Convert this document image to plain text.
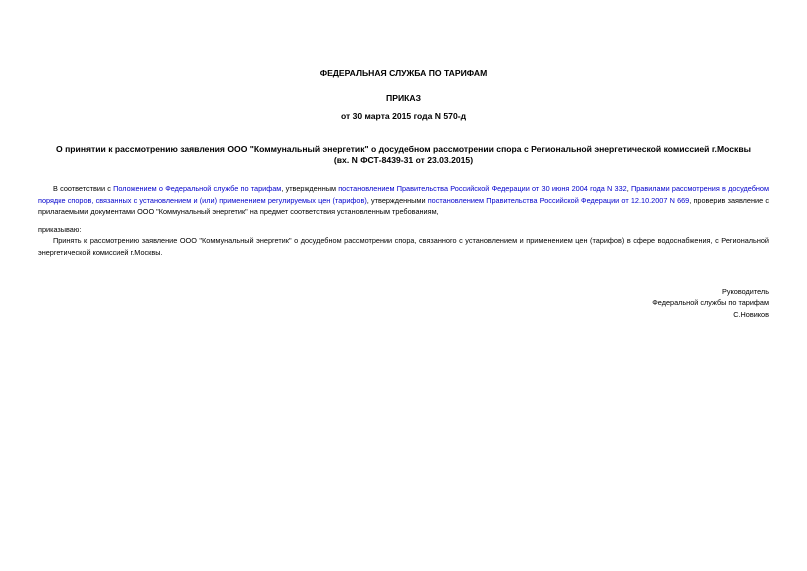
ФЕДЕРАЛЬНАЯ СЛУЖБА ПО ТАРИФАМ
ПРИКАЗ
от 30 марта 2015 года N 570-д
О принятии к рассмотрению заявления ООО "Коммунальный энергетик" о досудебном рассмотрении спора с Региональной энергетической комиссией г.Москвы
(вх. N ФСТ-8439-31 от 23.03.2015)
В соответствии с Положением о Федеральной службе по тарифам, утвержденным постановлением Правительства Российской Федерации от 30 июня 2004 года N 332, Правилами рассмотрения в досудебном порядке споров, связанных с установлением и (или) применением регулируемых цен (тарифов), утвержденными постановлением Правительства Российской Федерации от 12.10.2007 N 669, проверив заявление с прилагаемыми документами ООО "Коммунальный энергетик" на предмет соответствия установленным требованиям,
приказываю:
Принять к рассмотрению заявление ООО "Коммунальный энергетик" о досудебном рассмотрении спора, связанного с установлением и применением цен (тарифов) в сфере водоснабжения, с Региональной энергетической комиссией г.Москвы.
Руководитель
Федеральной службы по тарифам
С.Новиков
